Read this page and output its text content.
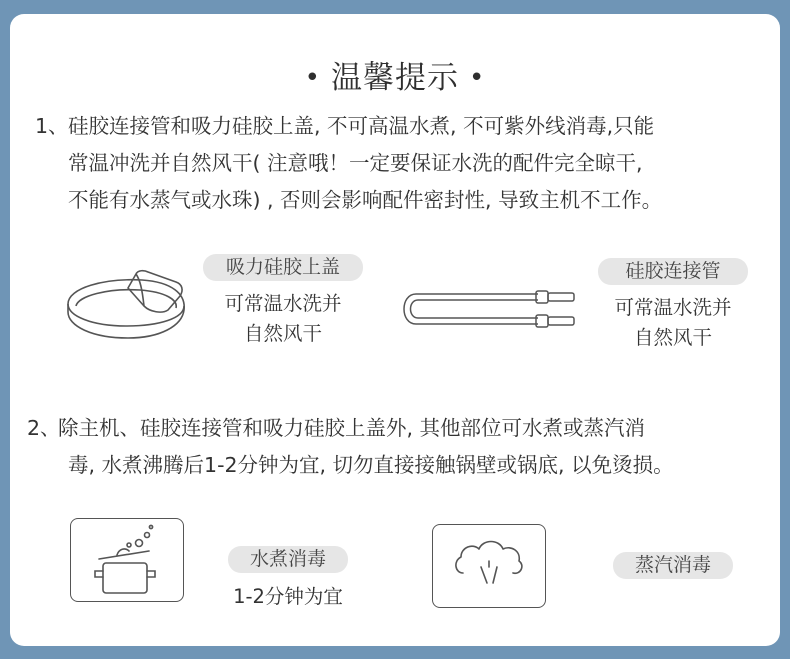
• 温馨提示 •
1、 硅胶连接管和吸力硅胶上盖, 不可高温水煮, 不可紫外线消毒,只能
常温冲洗并自然风干( 注意哦！一定要保证水洗的配件完全晾干,
不能有水蒸气或水珠) , 否则会影响配件密封性, 导致主机不工作。
吸力硅胶上盖
可常温水洗并
自然风干
硅胶连接管
可常温水洗并
自然风干
2、
除主机、硅胶连接管和吸力硅胶上盖外, 其他部位可水煮或蒸汽消
毒, 水煮沸腾后1-2分钟为宜, 切勿直接接触锅壁或锅底, 以免烫损。
水煮消毒
1-2分钟为宜
蒸汽消毒
